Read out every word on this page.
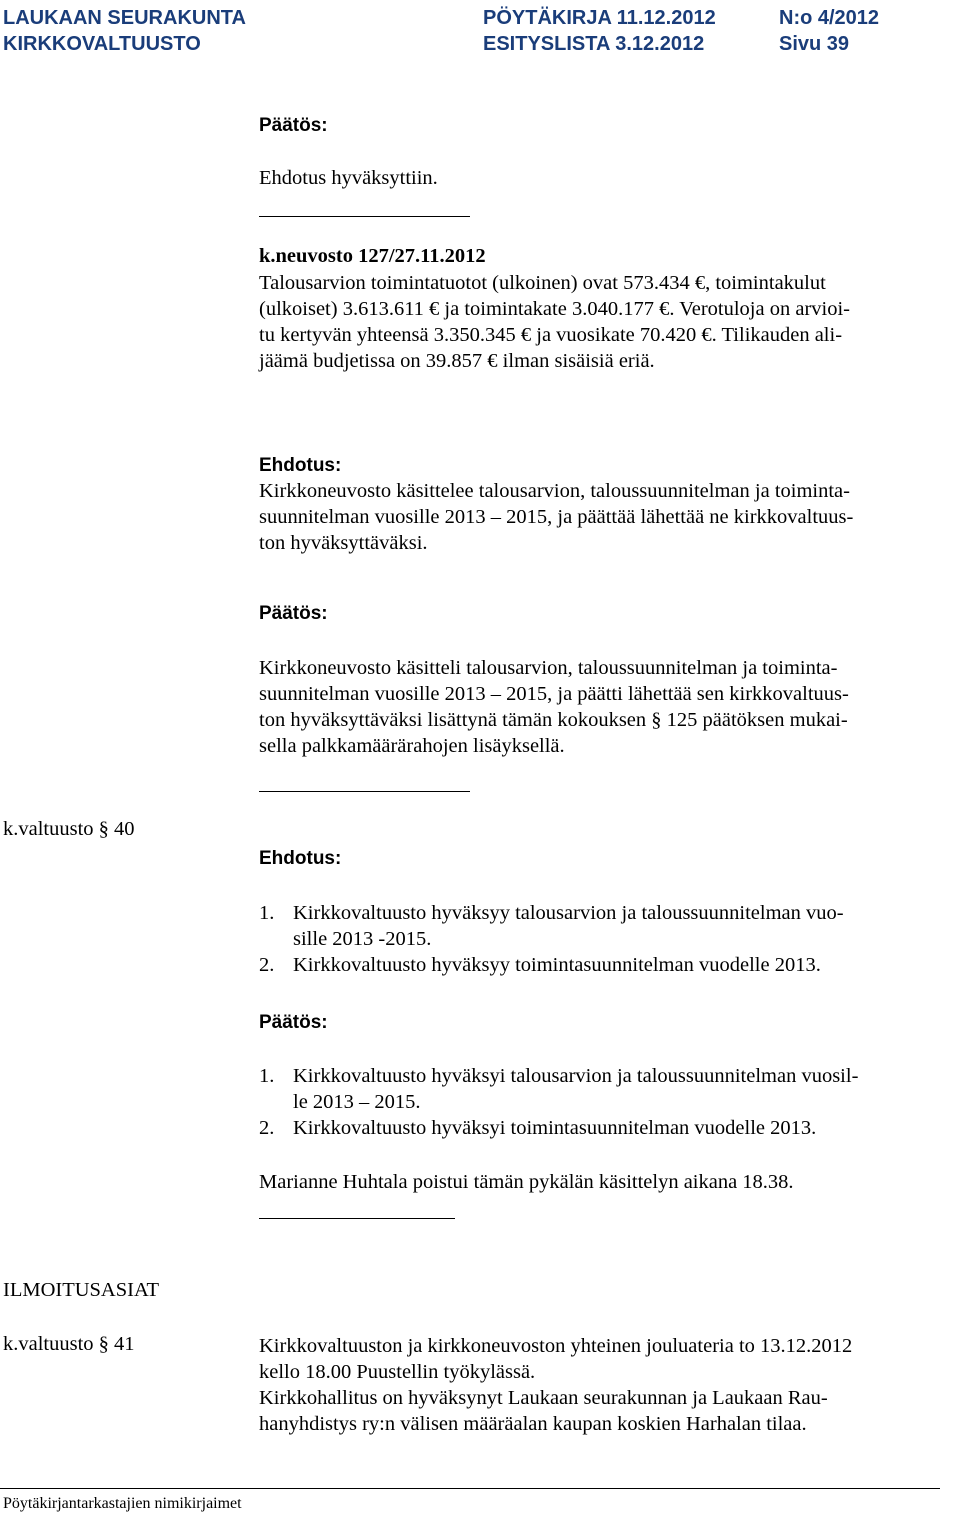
LAUKAAN SEURAKUNTA	PÖYTÄKIRJA 11.12.2012	N:o 4/2012
KIRKKOVALTUUSTO	ESITYSLISTA 3.12.2012	Sivu 39
Päätös:
Ehdotus hyväksyttiin.
k.neuvosto 127/27.11.2012
Talousarvion toimintatuotot (ulkoinen) ovat 573.434 €, toimintakulut
(ulkoiset) 3.613.611 € ja toimintakate 3.040.177 €. Verotuloja on arvioi-
tu kertyvän yhteensä 3.350.345 € ja vuosikate 70.420 €. Tilikauden ali-
jäämä budjetissa on 39.857 € ilman sisäisiä eriä.
Ehdotus:
Kirkkoneuvosto käsittelee talousarvion, taloussuunnitelman ja toiminta-
suunnitelman vuosille 2013 – 2015, ja päättää lähettää ne kirkkovaltuus-
ton hyväksyttäväksi.
Päätös:
Kirkkoneuvosto käsitteli talousarvion, taloussuunnitelman ja toiminta-
suunnitelman vuosille 2013 – 2015, ja päätti lähettää sen kirkkovaltuus-
ton hyväksyttäväksi lisättynä tämän kokouksen § 125 päätöksen mukai-
sella palkkamäärärahojen lisäyksellä.
k.valtuusto § 40
Ehdotus:
1. Kirkkovaltuusto hyväksyy talousarvion ja taloussuunnitelman vuo-
sille 2013 -2015.
2. Kirkkovaltuusto hyväksyy toimintasuunnitelman vuodelle 2013.
Päätös:
1. Kirkkovaltuusto hyväksyi talousarvion ja taloussuunnitelman vuosil-
le 2013 – 2015.
2. Kirkkovaltuusto hyväksyi toimintasuunnitelman vuodelle 2013.
Marianne Huhtala poistui tämän pykälän käsittelyn aikana 18.38.
ILMOITUSASIAT
k.valtuusto § 41	Kirkkovaltuuston ja kirkkoneuvoston yhteinen jouluateria to 13.12.2012
kello 18.00 Puustellin työkylässä.
Kirkkohallitus on hyväksynyt Laukaan seurakunnan ja Laukaan Rau-
hanyhdistys ry:n välisen määräalan kaupan koskien Harhalan tilaa.
Pöytäkirjantarkastajien nimikirjaimet
